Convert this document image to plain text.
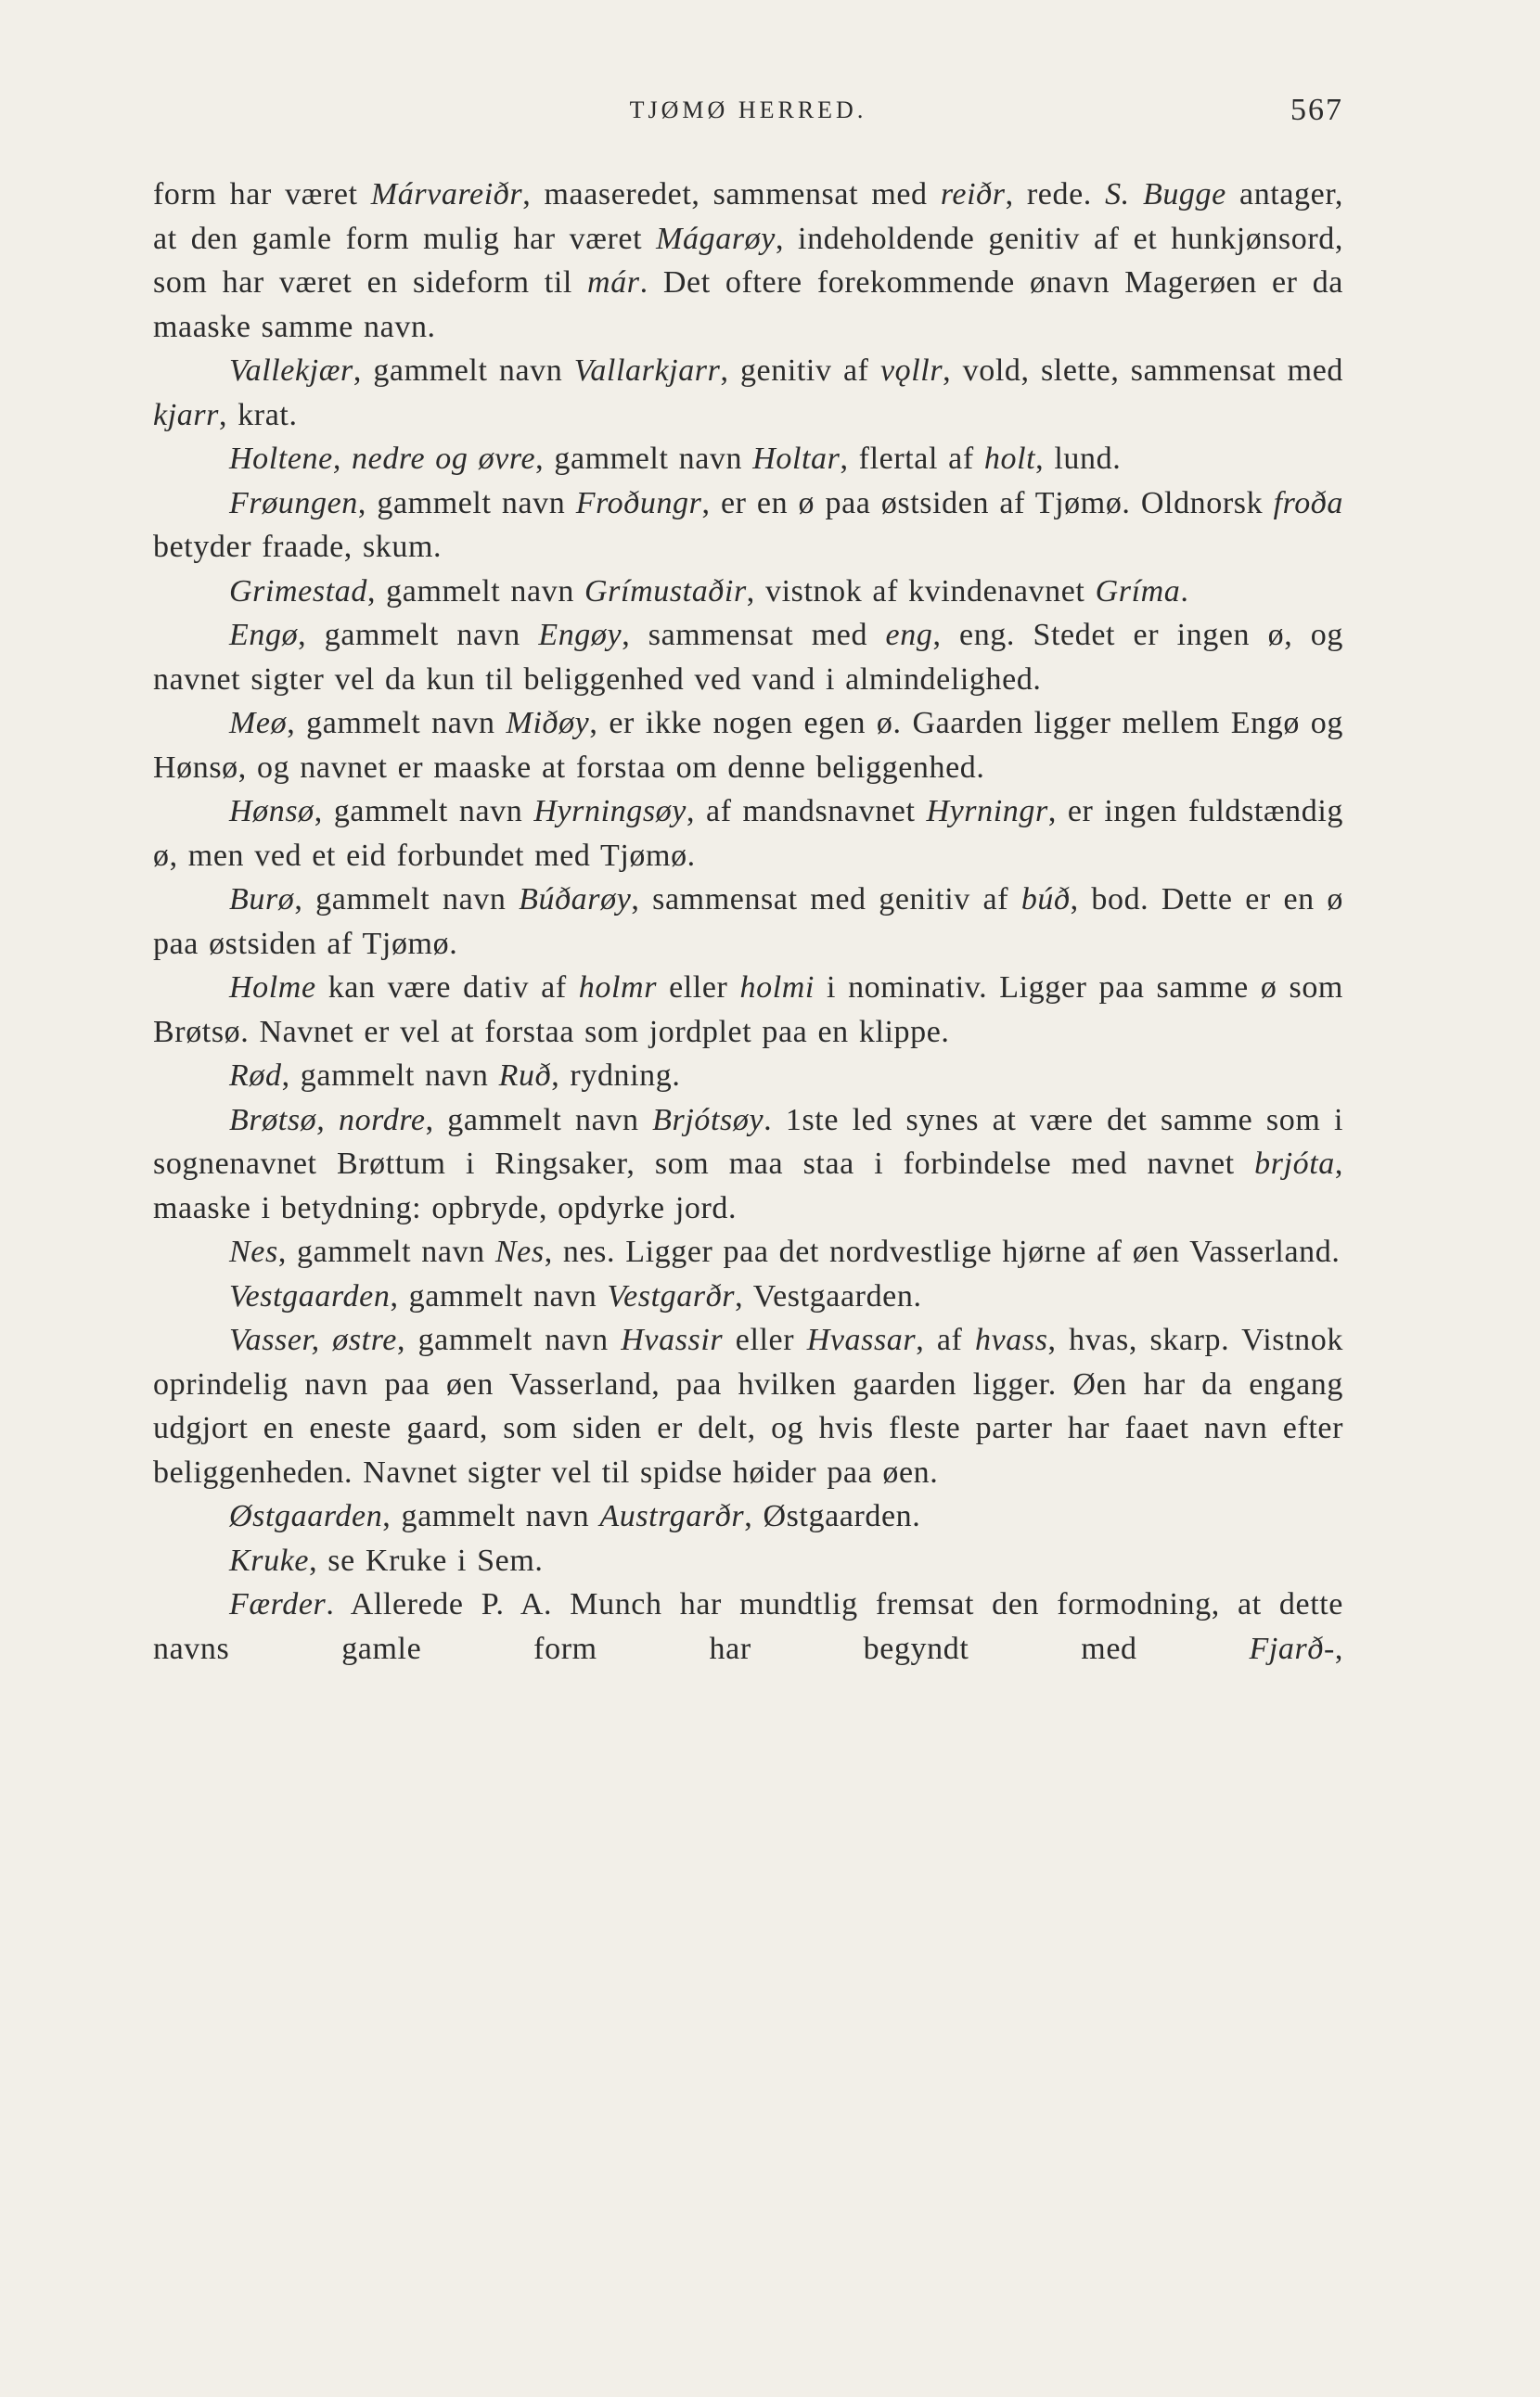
TJØMØ HERRED.	567

form har været Márvareiðr, maaseredet, sammensat med reiðr, rede. S. Bugge antager, at den gamle form mulig har været Mágarøy, indeholdende genitiv af et hunkjønsord, som har været en sideform til már. Det oftere forekommende ønavn Magerøen er da maaske samme navn.

Vallekjær, gammelt navn Vallarkjarr, genitiv af vǫllr, vold, slette, sammensat med kjarr, krat.

Holtene, nedre og øvre, gammelt navn Holtar, flertal af holt, lund.

Frøungen, gammelt navn Froðungr, er en ø paa østsiden af Tjømø. Oldnorsk froða betyder fraade, skum.

Grimestad, gammelt navn Grímustaðir, vistnok af kvindenavnet Gríma.

Engø, gammelt navn Engøy, sammensat med eng, eng. Stedet er ingen ø, og navnet sigter vel da kun til beliggenhed ved vand i almindelighed.

Meø, gammelt navn Miðøy, er ikke nogen egen ø. Gaarden ligger mellem Engø og Hønsø, og navnet er maaske at forstaa om denne beliggenhed.

Hønsø, gammelt navn Hyrningsøy, af mandsnavnet Hyrningr, er ingen fuldstændig ø, men ved et eid forbundet med Tjømø.

Burø, gammelt navn Búðarøy, sammensat med genitiv af búð, bod. Dette er en ø paa østsiden af Tjømø.

Holme kan være dativ af holmr eller holmi i nominativ. Ligger paa samme ø som Brøtsø. Navnet er vel at forstaa som jordplet paa en klippe.

Rød, gammelt navn Ruð, rydning.

Brøtsø, nordre, gammelt navn Brjótsøy. 1ste led synes at være det samme som i sognenavnet Brøttum i Ringsaker, som maa staa i forbindelse med navnet brjóta, maaske i betydning: opbryde, opdyrke jord.

Nes, gammelt navn Nes, nes. Ligger paa det nordvestlige hjørne af øen Vasserland.

Vestgaarden, gammelt navn Vestgarðr, Vestgaarden.

Vasser, østre, gammelt navn Hvassir eller Hvassar, af hvass, hvas, skarp. Vistnok oprindelig navn paa øen Vasserland, paa hvilken gaarden ligger. Øen har da engang udgjort en eneste gaard, som siden er delt, og hvis fleste parter har faaet navn efter beliggenheden. Navnet sigter vel til spidse høider paa øen.

Østgaarden, gammelt navn Austrgarðr, Østgaarden.

Kruke, se Kruke i Sem.

Færder. Allerede P. A. Munch har mundtlig fremsat den formodning, at dette navns gamle form har begyndt med Fjarð-,
